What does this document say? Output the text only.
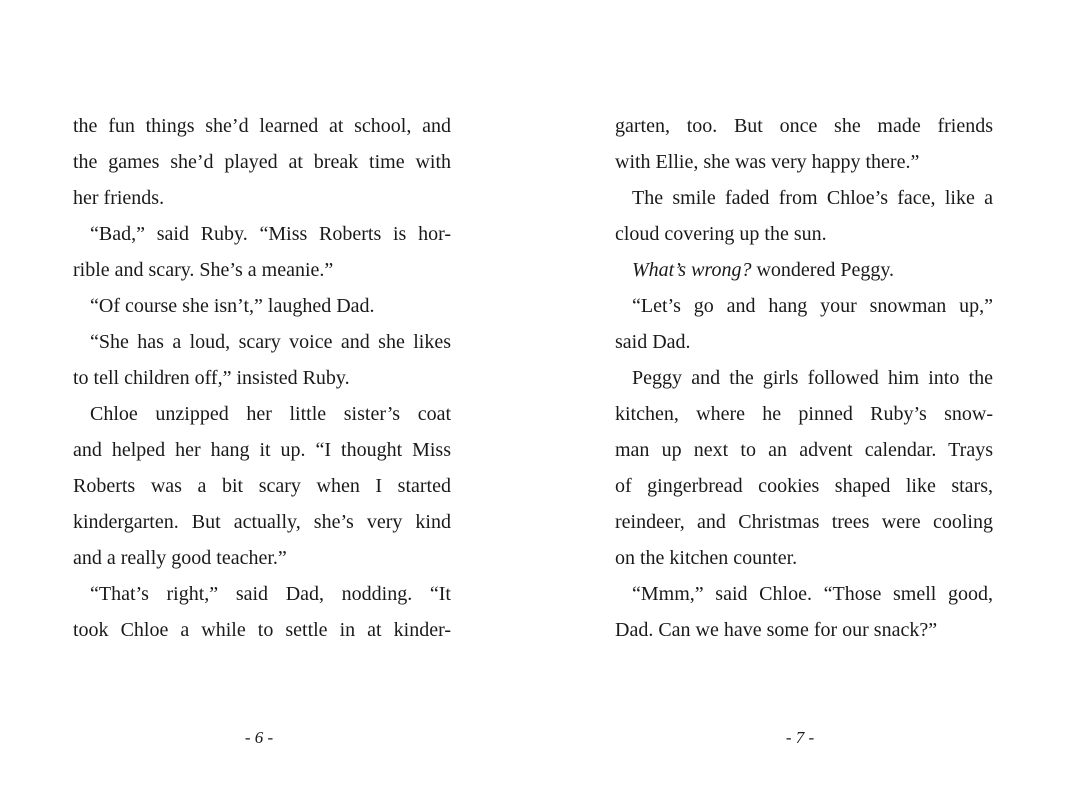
the fun things she’d learned at school, and
the games she’d played at break time with
her friends.
“Bad,” said Ruby. “Miss Roberts is hor-
rible and scary. She’s a meanie.”
“Of course she isn’t,” laughed Dad.
“She has a loud, scary voice and she likes
to tell children off,” insisted Ruby.
Chloe unzipped her little sister’s coat
and helped her hang it up. “I thought Miss
Roberts was a bit scary when I started
kindergarten. But actually, she’s very kind
and a really good teacher.”
“That’s right,” said Dad, nodding. “It
took Chloe a while to settle in at kinder-
garten, too. But once she made friends
with Ellie, she was very happy there.”
The smile faded from Chloe’s face, like a
cloud covering up the sun.
What’s wrong? wondered Peggy.
“Let’s go and hang your snowman up,”
said Dad.
Peggy and the girls followed him into the
kitchen, where he pinned Ruby’s snow-
man up next to an advent calendar. Trays
of gingerbread cookies shaped like stars,
reindeer, and Christmas trees were cooling
on the kitchen counter.
“Mmm,” said Chloe. “Those smell good,
Dad. Can we have some for our snack?”
- 6 -	- 7 -
